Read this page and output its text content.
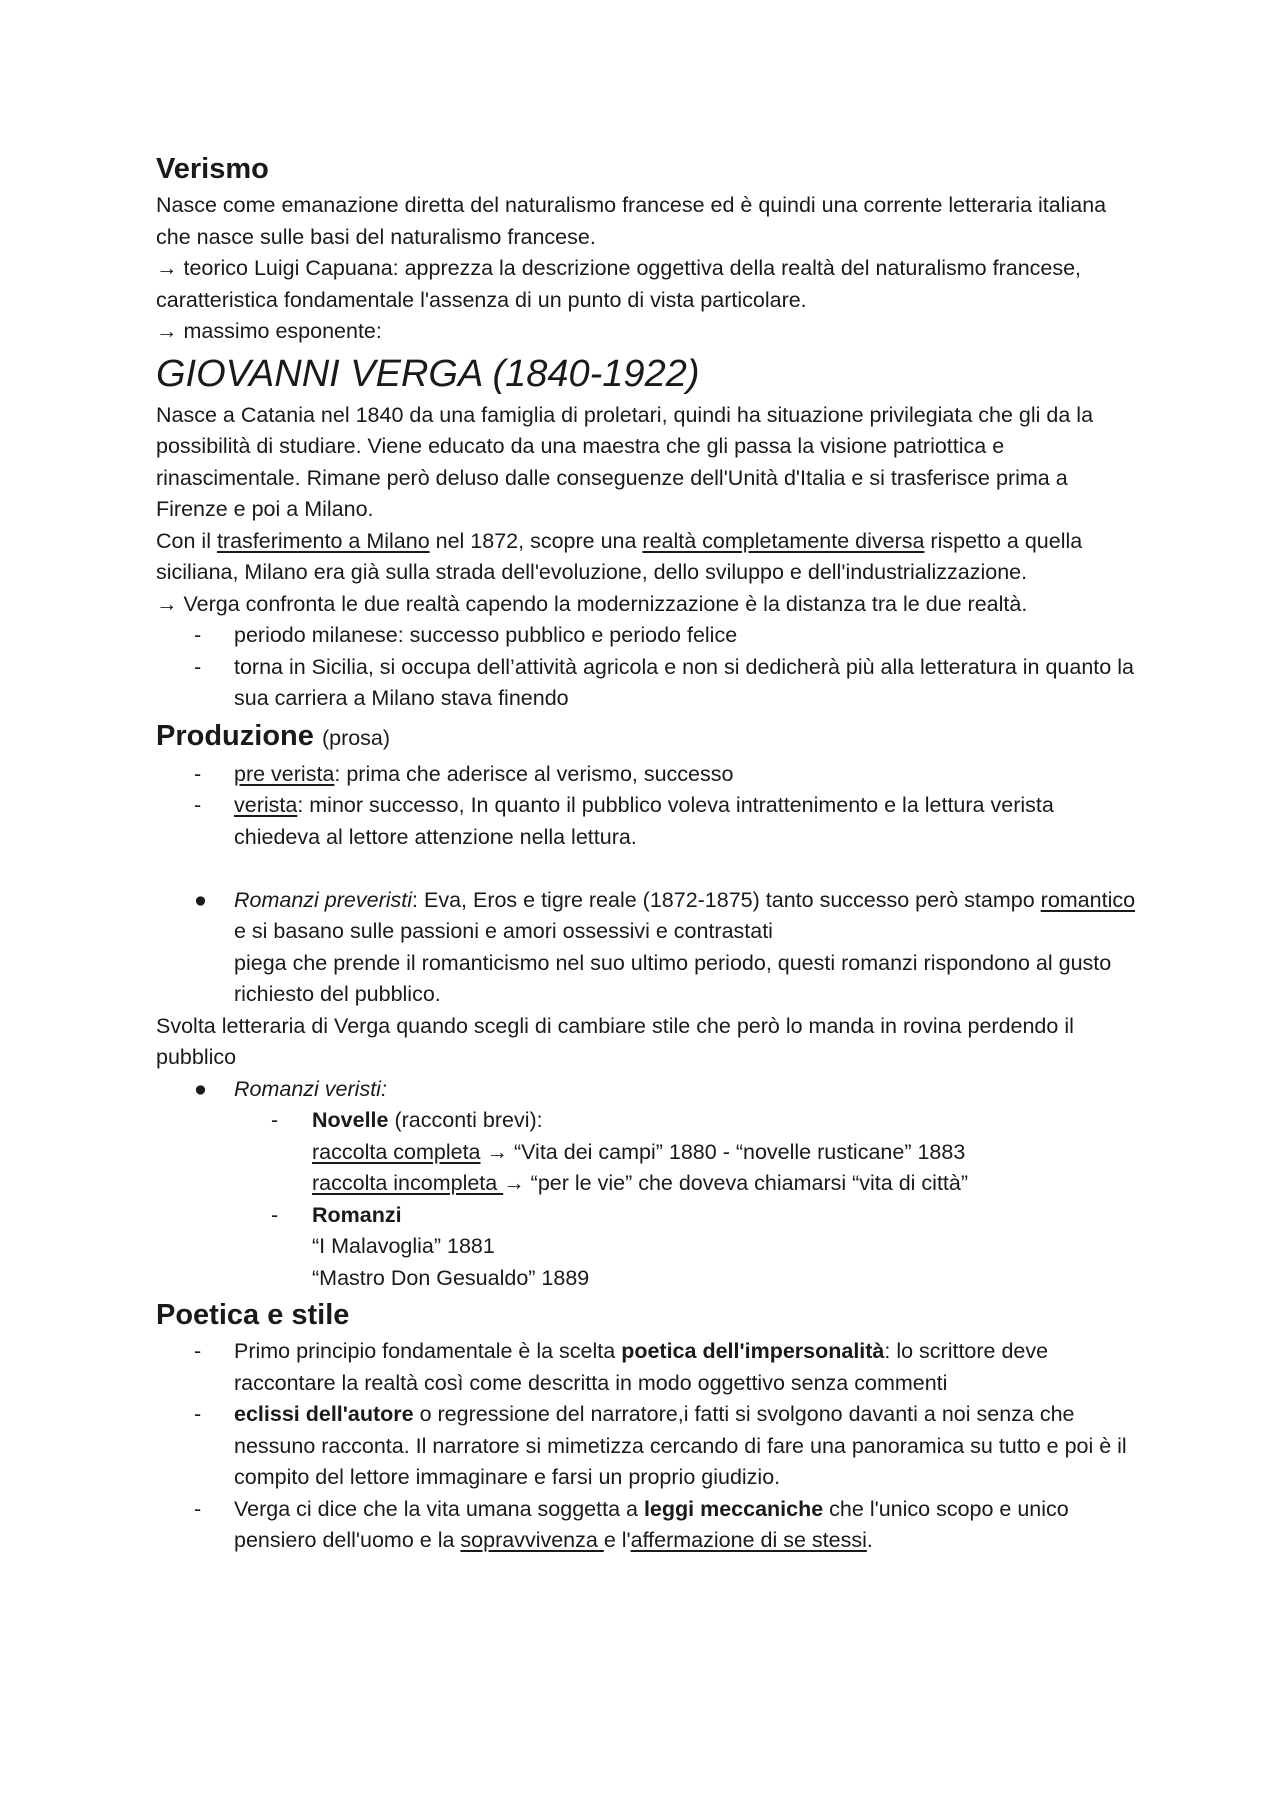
Verismo

Nasce come emanazione diretta del naturalismo francese ed è quindi una corrente letteraria italiana che nasce sulle basi del naturalismo francese.

→ teorico Luigi Capuana: apprezza la descrizione oggettiva della realtà del naturalismo francese, caratteristica fondamentale l'assenza di un punto di vista particolare.

→ massimo esponente:

GIOVANNI VERGA (1840-1922)

Nasce a Catania nel 1840 da una famiglia di proletari, quindi ha situazione privilegiata che gli da la possibilità di studiare. Viene educato da una maestra che gli passa la visione patriottica e rinascimentale. Rimane però deluso dalle conseguenze dell'Unità d'Italia e si trasferisce prima a Firenze e poi a Milano.

Con il trasferimento a Milano nel 1872, scopre una realtà completamente diversa rispetto a quella siciliana, Milano era già sulla strada dell'evoluzione, dello sviluppo e dell'industrializzazione.

→ Verga confronta le due realtà capendo la modernizzazione è la distanza tra le due realtà.

- periodo milanese: successo pubblico e periodo felice
- torna in Sicilia, si occupa dell’attività agricola e non si dedicherà più alla letteratura in quanto la sua carriera a Milano stava finendo
Produzione (prosa)
- pre verista: prima che aderisce al verismo, successo
- verista: minor successo, In quanto il pubblico voleva intrattenimento e la lettura verista chiedeva al lettore attenzione nella lettura.
● Romanzi preveristi: Eva, Eros e tigre reale (1872-1875) tanto successo però stampo romantico e si basano sulle passioni e amori ossessivi e contrastati
piega che prende il romanticismo nel suo ultimo periodo, questi romanzi rispondono al gusto richiesto del pubblico.

Svolta letteraria di Verga quando scegli di cambiare stile che però lo manda in rovina perdendo il pubblico

● Romanzi veristi:
- Novelle (racconti brevi):
raccolta completa → “Vita dei campi” 1880 - “novelle rusticane” 1883
raccolta incompleta → “per le vie” che doveva chiamarsi “vita di città”
- Romanzi
“I Malavoglia” 1881
“Mastro Don Gesualdo” 1889
Poetica e stile
- Primo principio fondamentale è la scelta poetica dell'impersonalità: lo scrittore deve raccontare la realtà così come descritta in modo oggettivo senza commenti
- eclissi dell'autore o regressione del narratore,i fatti si svolgono davanti a noi senza che nessuno racconta. Il narratore si mimetizza cercando di fare una panoramica su tutto e poi è il compito del lettore immaginare e farsi un proprio giudizio.
- Verga ci dice che la vita umana soggetta a leggi meccaniche che l'unico scopo e unico pensiero dell'uomo e la sopravvivenza e l'affermazione di se stessi.
